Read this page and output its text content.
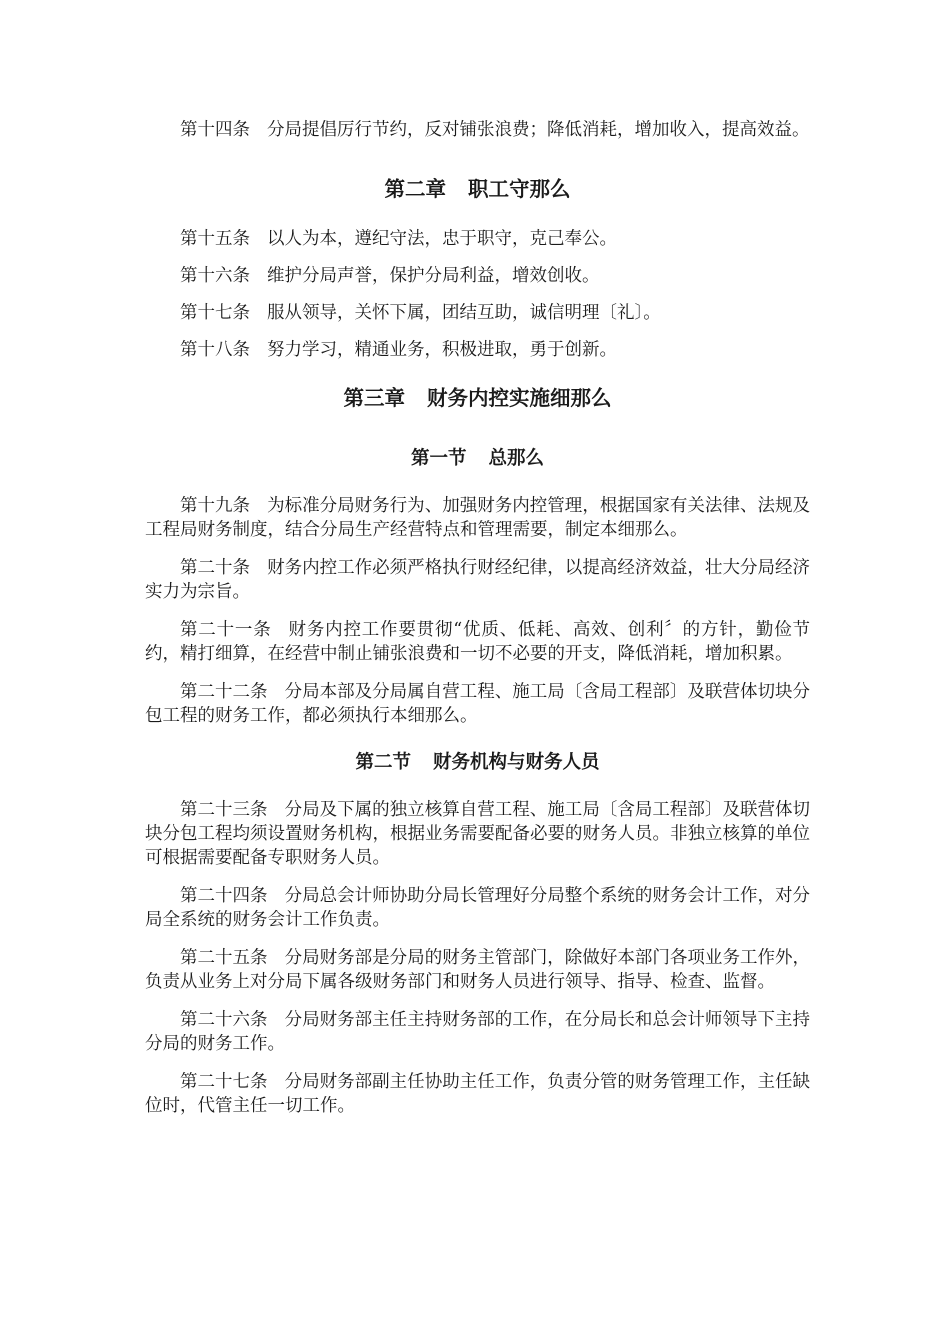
第十四条 分局提倡厉行节约，反对铺张浪费；降低消耗，增加收入，提高效益。

第二章 职工守那么

第十五条 以人为本，遵纪守法，忠于职守，克己奉公。

第十六条 维护分局声誉，保护分局利益，增效创收。

第十七条 服从领导，关怀下属，团结互助，诚信明理〔礼〕。

第十八条 努力学习，精通业务，积极进取，勇于创新。

第三章 财务内控实施细那么
第一节 总那么

第十九条 为标准分局财务行为、加强财务内控管理，根据国家有关法律、法规及工程局财务制度，结合分局生产经营特点和管理需要，制定本细那么。

第二十条 财务内控工作必须严格执行财经纪律，以提高经济效益，壮大分局经济实力为宗旨。

第二十一条 财务内控工作要贯彻“优质、低耗、高效、创利〞的方针，勤俭节约，精打细算，在经营中制止铺张浪费和一切不必要的开支，降低消耗，增加积累。

第二十二条 分局本部及分局属自营工程、施工局〔含局工程部〕及联营体切块分包工程的财务工作，都必须执行本细那么。

第二节 财务机构与财务人员

第二十三条 分局及下属的独立核算自营工程、施工局〔含局工程部〕及联营体切块分包工程均须设置财务机构，根据业务需要配备必要的财务人员。非独立核算的单位可根据需要配备专职财务人员。

第二十四条 分局总会计师协助分局长管理好分局整个系统的财务会计工作，对分局全系统的财务会计工作负责。

第二十五条 分局财务部是分局的财务主管部门，除做好本部门各项业务工作外，负责从业务上对分局下属各级财务部门和财务人员进行领导、指导、检查、监督。

第二十六条 分局财务部主任主持财务部的工作，在分局长和总会计师领导下主持分局的财务工作。

第二十七条 分局财务部副主任协助主任工作，负责分管的财务管理工作，主任缺位时，代管主任一切工作。
